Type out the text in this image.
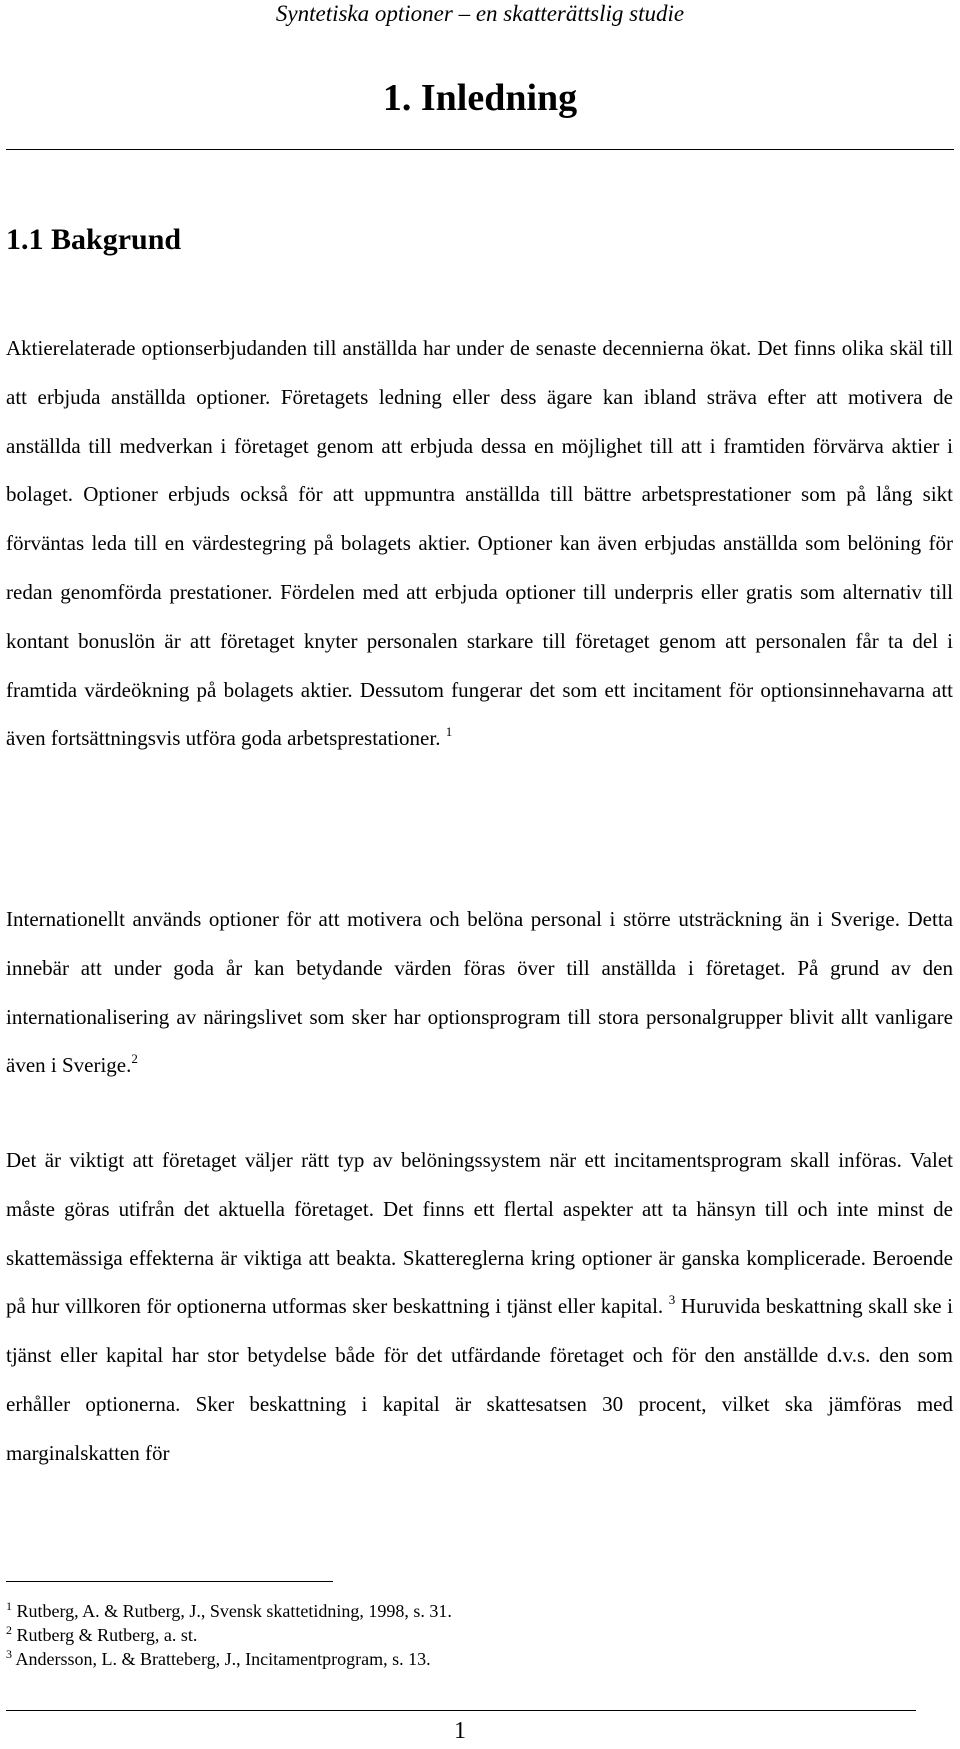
Syntetiska optioner – en skatterättslig studie
1. Inledning
1.1 Bakgrund

Aktierelaterade optionserbjudanden till anställda har under de senaste decennierna ökat. Det finns olika skäl till att erbjuda anställda optioner. Företagets ledning eller dess ägare kan ibland sträva efter att motivera de anställda till medverkan i företaget genom att erbjuda dessa en möjlighet till att i framtiden förvärva aktier i bolaget. Optioner erbjuds också för att uppmuntra anställda till bättre arbetsprestationer som på lång sikt förväntas leda till en värdestegring på bolagets aktier. Optioner kan även erbjudas anställda som belöning för redan genomförda prestationer. Fördelen med att erbjuda optioner till underpris eller gratis som alternativ till kontant bonuslön är att företaget knyter personalen starkare till företaget genom att personalen får ta del i framtida värdeökning på bolagets aktier. Dessutom fungerar det som ett incitament för optionsinnehavarna att även fortsättningsvis utföra goda arbetsprestationer. $^1$

Internationellt används optioner för att motivera och belöna personal i större utsträckning än i Sverige. Detta innebär att under goda år kan betydande värden föras över till anställda i företaget. På grund av den internationalisering av näringslivet som sker har optionsprogram till stora personalgrupper blivit allt vanligare även i Sverige.$^2$

Det är viktigt att företaget väljer rätt typ av belöningssystem när ett incitamentsprogram skall införas. Valet måste göras utifrån det aktuella företaget. Det finns ett flertal aspekter att ta hänsyn till och inte minst de skattemässiga effekterna är viktiga att beakta. Skattereglerna kring optioner är ganska komplicerade. Beroende på hur villkoren för optionerna utformas sker beskattning i tjänst eller kapital. $^3$ Huruvida beskattning skall ske i tjänst eller kapital har stor betydelse både för det utfärdande företaget och för den anställde d.v.s. den som erhåller optionerna. Sker beskattning i kapital är skattesatsen 30 procent, vilket ska jämföras med marginalskatten för

$^1$ Rutberg, A. & Rutberg, J., Svensk skattetidning, 1998, s. 31.

$^2$ Rutberg & Rutberg, a. st.

$^3$ Andersson, L. & Bratteberg, J., Incitamentprogram, s. 13.

1
